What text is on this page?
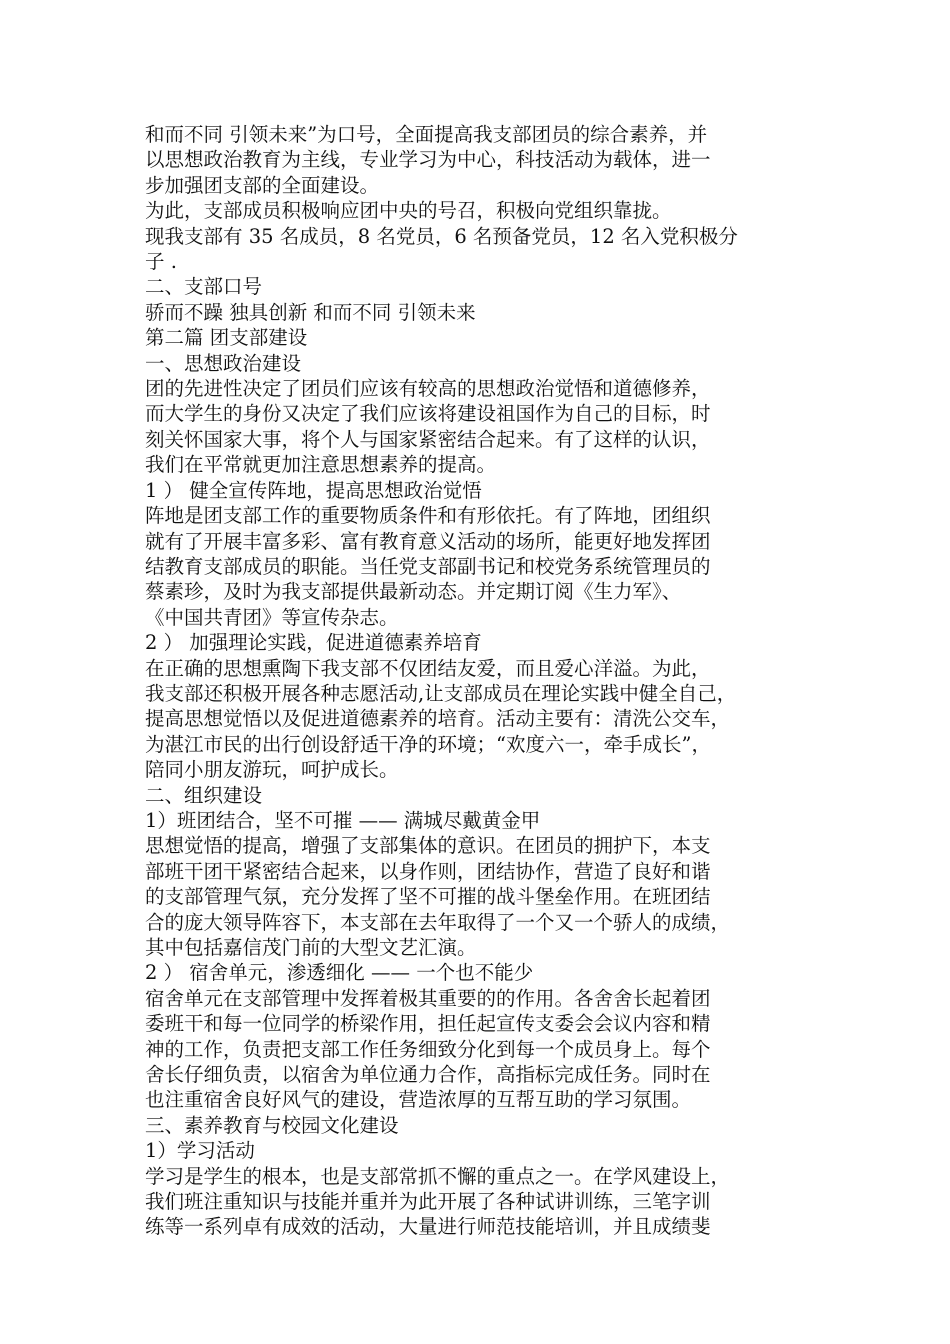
和而不同 引领未来”为口号，全面提高我支部团员的综合素养，并

以思想政治教育为主线，专业学习为中心，科技活动为载体，进一

步加强团支部的全面建设。

为此，支部成员积极响应团中央的号召，积极向党组织靠拢。

现我支部有 35 名成员，8 名党员，6 名预备党员，12 名入党积极分

子 .

二、支部口号

骄而不躁 独具创新 和而不同 引领未来

第二篇 团支部建设

一、思想政治建设

团的先进性决定了团员们应该有较高的思想政治觉悟和道德修养，

而大学生的身份又决定了我们应该将建设祖国作为自己的目标，时

刻关怀国家大事，将个人与国家紧密结合起来。有了这样的认识，

我们在平常就更加注意思想素养的提高。

1 ） 健全宣传阵地，提高思想政治觉悟

阵地是团支部工作的重要物质条件和有形依托。有了阵地，团组织

就有了开展丰富多彩、富有教育意义活动的场所，能更好地发挥团

结教育支部成员的职能。当任党支部副书记和校党务系统管理员的

蔡素珍，及时为我支部提供最新动态。并定期订阅《生力军》、

《中国共青团》等宣传杂志。

2 ） 加强理论实践，促进道德素养培育

在正确的思想熏陶下我支部不仅团结友爱，而且爱心洋溢。为此，

我支部还积极开展各种志愿活动,让支部成员在理论实践中健全自己，

提高思想觉悟以及促进道德素养的培育。活动主要有：清洗公交车，

为湛江市民的出行创设舒适干净的环境；“欢度六一，牵手成长”，

陪同小朋友游玩，呵护成长。

二、组织建设

1）班团结合，坚不可摧 —— 满城尽戴黄金甲

思想觉悟的提高，增强了支部集体的意识。在团员的拥护下，本支

部班干团干紧密结合起来，以身作则，团结协作，营造了良好和谐

的支部管理气氛，充分发挥了坚不可摧的战斗堡垒作用。在班团结

合的庞大领导阵容下，本支部在去年取得了一个又一个骄人的成绩，

其中包括嘉信茂门前的大型文艺汇演。

2 ） 宿舍单元，渗透细化 —— 一个也不能少

宿舍单元在支部管理中发挥着极其重要的的作用。各舍舍长起着团

委班干和每一位同学的桥梁作用，担任起宣传支委会会议内容和精

神的工作，负责把支部工作任务细致分化到每一个成员身上。每个

舍长仔细负责，以宿舍为单位通力合作，高指标完成任务。同时在

也注重宿舍良好风气的建设，营造浓厚的互帮互助的学习氛围。

三、素养教育与校园文化建设

1）学习活动

学习是学生的根本，也是支部常抓不懈的重点之一。在学风建设上，

我们班注重知识与技能并重并为此开展了各种试讲训练，三笔字训

练等一系列卓有成效的活动，大量进行师范技能培训，并且成绩斐
